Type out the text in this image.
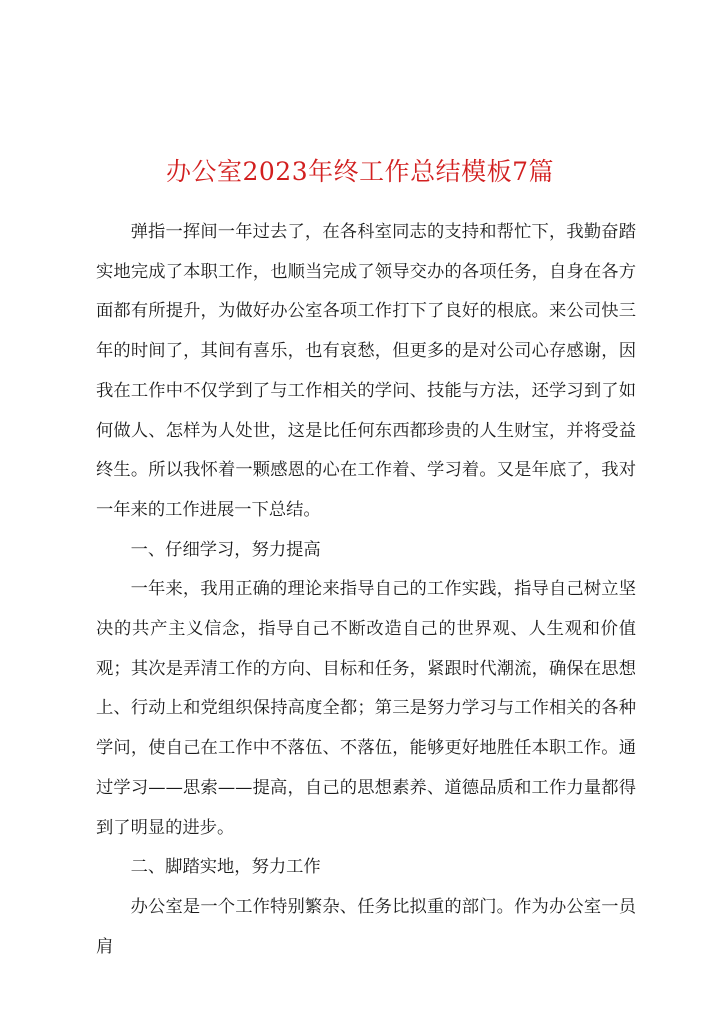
办公室2023年终工作总结模板7篇

弹指一挥间一年过去了，在各科室同志的支持和帮忙下，我勤奋踏实地完成了本职工作，也顺当完成了领导交办的各项任务，自身在各方面都有所提升，为做好办公室各项工作打下了良好的根底。来公司快三年的时间了，其间有喜乐，也有哀愁，但更多的是对公司心存感谢，因我在工作中不仅学到了与工作相关的学问、技能与方法，还学习到了如何做人、怎样为人处世，这是比任何东西都珍贵的人生财宝，并将受益终生。所以我怀着一颗感恩的心在工作着、学习着。又是年底了，我对一年来的工作进展一下总结。

一、仔细学习，努力提高

一年来，我用正确的理论来指导自己的工作实践，指导自己树立坚决的共产主义信念，指导自己不断改造自己的世界观、人生观和价值观；其次是弄清工作的方向、目标和任务，紧跟时代潮流，确保在思想上、行动上和党组织保持高度全都；第三是努力学习与工作相关的各种学问，使自己在工作中不落伍、不落伍，能够更好地胜任本职工作。通过学习——思索——提高，自己的思想素养、道德品质和工作力量都得到了明显的进步。

二、脚踏实地，努力工作

办公室是一个工作特别繁杂、任务比拟重的部门。作为办公室一员肩
